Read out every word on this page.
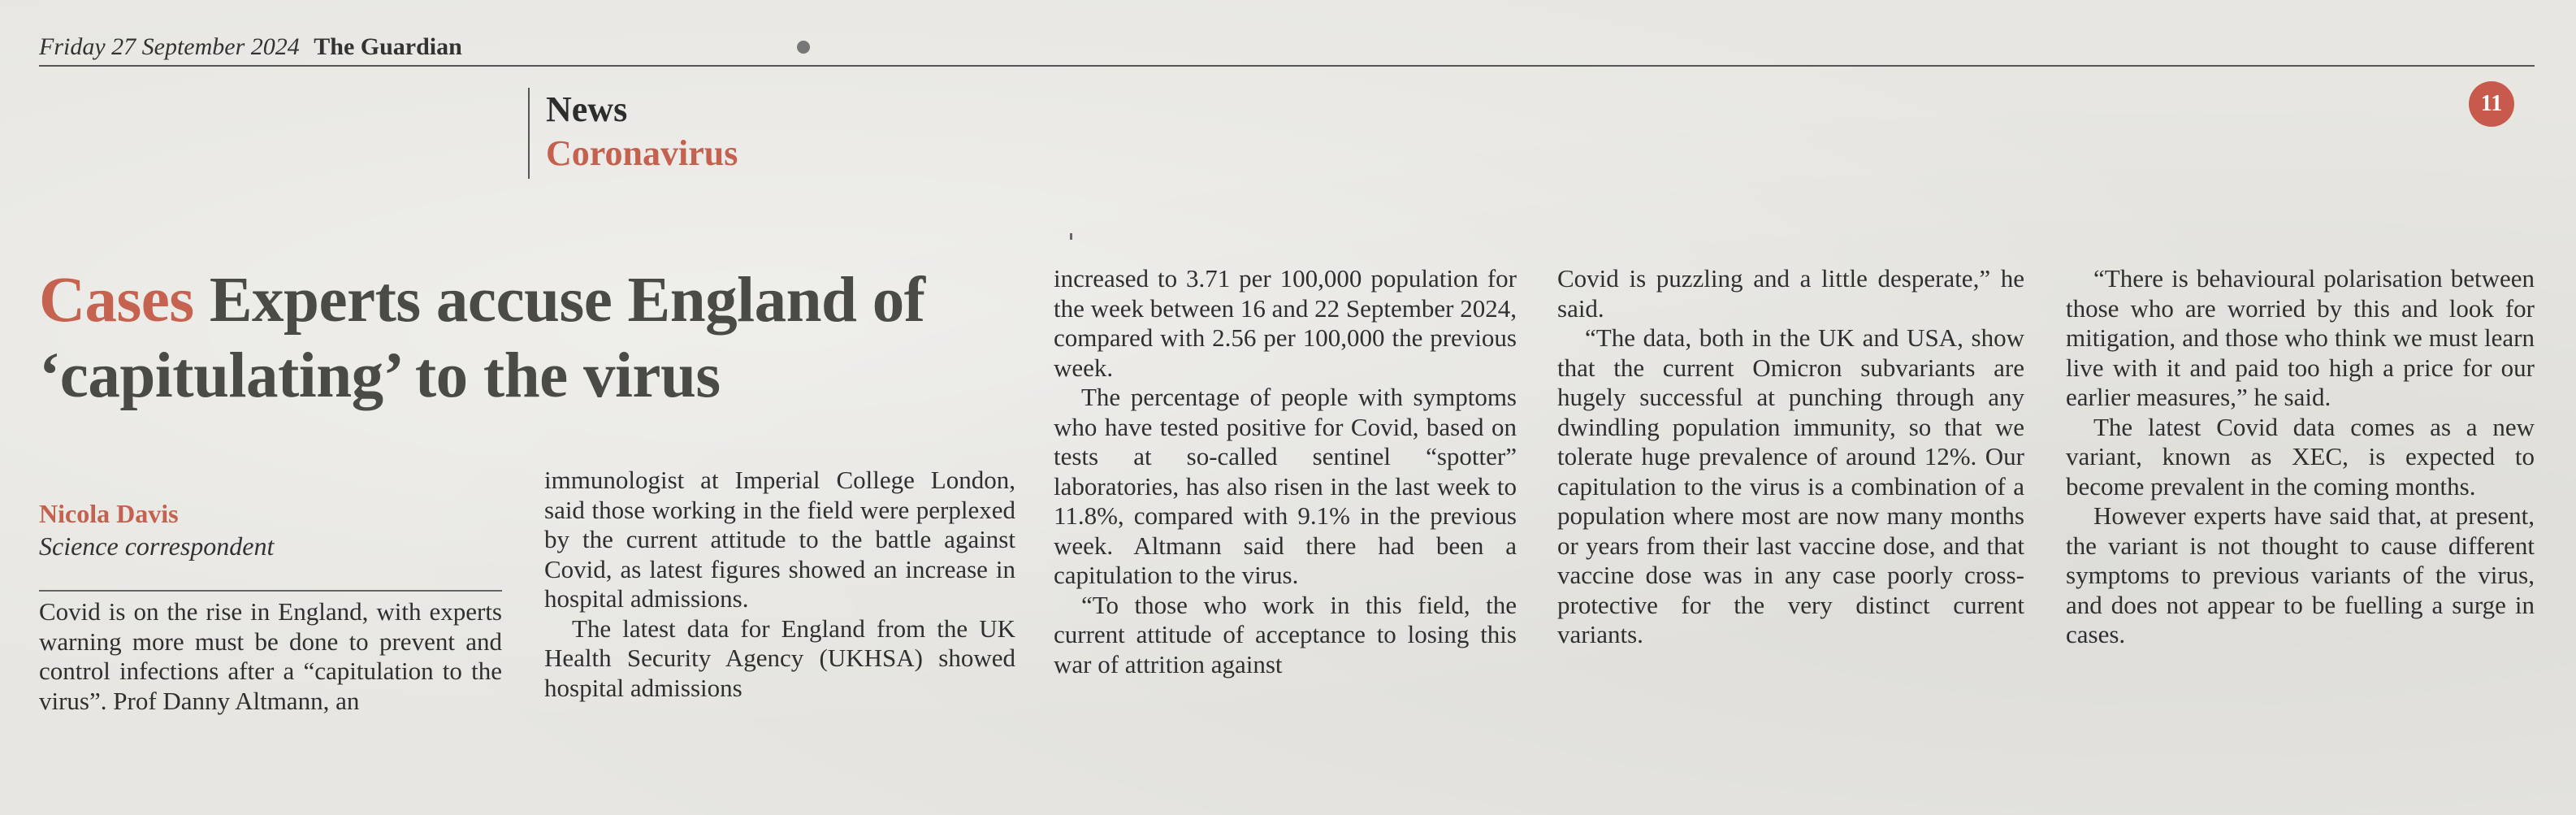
Friday 27 September 2024 The Guardian
11
News
Coronavirus
Cases Experts accuse England of ‘capitulating’ to the virus
Nicola Davis
Science correspondent

Covid is on the rise in England, with experts warning more must be done to prevent and control infections after a “capitulation to the virus”. Prof Danny Altmann, an

immunologist at Imperial College London, said those working in the field were perplexed by the current attitude to the battle against Covid, as latest figures showed an increase in hospital admissions.

The latest data for England from the UK Health Security Agency (UKHSA) showed hospital admissions

increased to 3.71 per 100,000 population for the week between 16 and 22 September 2024, compared with 2.56 per 100,000 the previous week.

The percentage of people with symptoms who have tested positive for Covid, based on tests at so-called sentinel “spotter” laboratories, has also risen in the last week to 11.8%, compared with 9.1% in the previous week. Altmann said there had been a capitulation to the virus.

“To those who work in this field, the current attitude of acceptance to losing this war of attrition against

Covid is puzzling and a little desperate,” he said.

“The data, both in the UK and USA, show that the current Omicron subvariants are hugely successful at punching through any dwindling population immunity, so that we tolerate huge prevalence of around 12%. Our capitulation to the virus is a combination of a population where most are now many months or years from their last vaccine dose, and that vaccine dose was in any case poorly cross-protective for the very distinct current variants.

“There is behavioural polarisation between those who are worried by this and look for mitigation, and those who think we must learn live with it and paid too high a price for our earlier measures,” he said.

The latest Covid data comes as a new variant, known as XEC, is expected to become prevalent in the coming months.

However experts have said that, at present, the variant is not thought to cause different symptoms to previous variants of the virus, and does not appear to be fuelling a surge in cases.
